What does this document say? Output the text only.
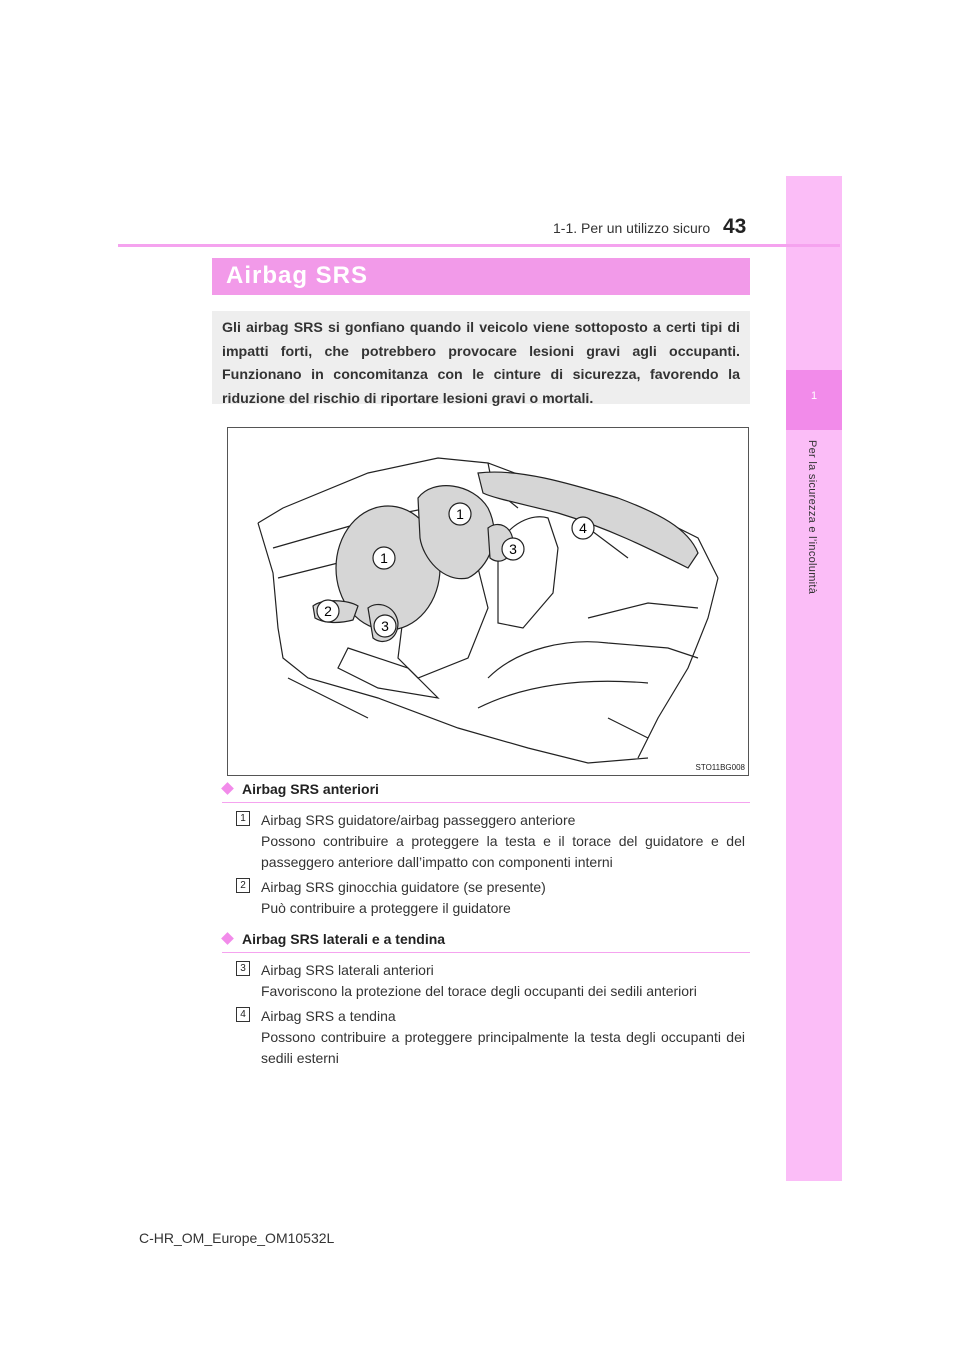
1
Per la sicurezza e l’incolumità
1-1. Per un utilizzo sicuro 43
Airbag SRS

Gli airbag SRS si gonfiano quando il veicolo viene sottoposto a certi tipi di impatti forti, che potrebbero provocare lesioni gravi agli occupanti. Funzionano in concomitanza con le cinture di sicurezza, favorendo la riduzione del rischio di riportare lesioni gravi o mortali.

1
1
2
3
3
4
STO11BG008
Airbag SRS anteriori
1	Airbag SRS guidatore/airbag passeggero anteriore
Possono contribuire a proteggere la testa e il torace del guidatore e del passeggero anteriore dall’impatto con componenti interni
2	Airbag SRS ginocchia guidatore (se presente)
Può contribuire a proteggere il guidatore
Airbag SRS laterali e a tendina
3	Airbag SRS laterali anteriori
Favoriscono la protezione del torace degli occupanti dei sedili anteriori
4	Airbag SRS a tendina
Possono contribuire a proteggere principalmente la testa degli occupanti dei sedili esterni
C-HR_OM_Europe_OM10532L
